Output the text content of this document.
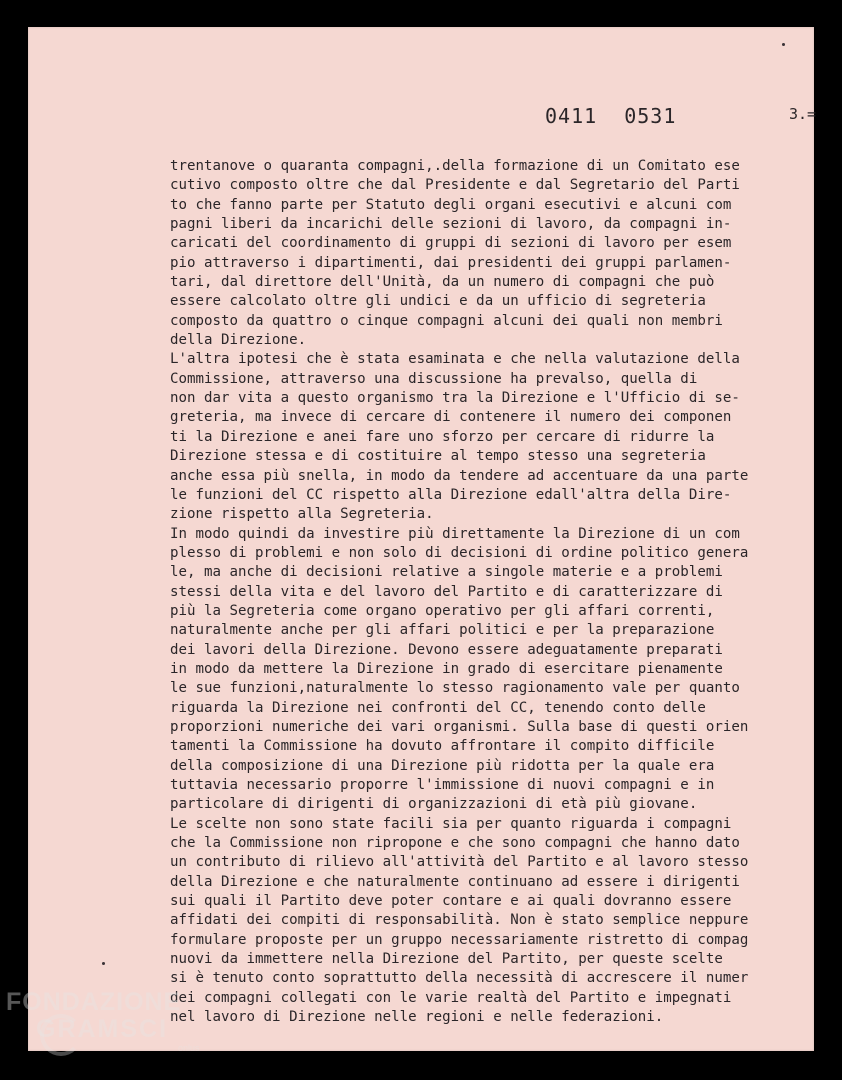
0411 0531	3.=
trentanove o quaranta compagni,.della formazione di un Comitato ese
cutivo composto oltre che dal Presidente e dal Segretario del Parti
to che fanno parte per Statuto degli organi esecutivi e alcuni com
pagni liberi da incarichi delle sezioni di lavoro, da compagni in-
caricati del coordinamento di gruppi di sezioni di lavoro per esem
pio attraverso i dipartimenti, dai presidenti dei gruppi parlamen-
tari, dal direttore dell'Unità, da un numero di compagni che può
essere calcolato oltre gli undici e da un ufficio di segreteria
composto da quattro o cinque compagni alcuni dei quali non membri
della Direzione.
L'altra ipotesi che è stata esaminata e che nella valutazione della
Commissione, attraverso una discussione ha prevalso, quella di
non dar vita a questo organismo tra la Direzione e l'Ufficio di se-
greteria, ma invece di cercare di contenere il numero dei componen
ti la Direzione e anei fare uno sforzo per cercare di ridurre la
Direzione stessa e di costituire al tempo stesso una segreteria
anche essa più snella, in modo da tendere ad accentuare da una parte
le funzioni del CC rispetto alla Direzione edall'altra della Dire-
zione rispetto alla Segreteria.
In modo quindi da investire più direttamente la Direzione di un com
plesso di problemi e non solo di decisioni di ordine politico genera
le, ma anche di decisioni relative a singole materie e a problemi
stessi della vita e del lavoro del Partito e di caratterizzare di
più la Segreteria come organo operativo per gli affari correnti,
naturalmente anche per gli affari politici e per la preparazione
dei lavori della Direzione. Devono essere adeguatamente preparati
in modo da mettere la Direzione in grado di esercitare pienamente
le sue funzioni,naturalmente lo stesso ragionamento vale per quanto
riguarda la Direzione nei confronti del CC, tenendo conto delle
proporzioni numeriche dei vari organismi. Sulla base di questi orien
tamenti la Commissione ha dovuto affrontare il compito difficile
della composizione di una Direzione più ridotta per la quale era
tuttavia necessario proporre l'immissione di nuovi compagni e in
particolare di dirigenti di organizzazioni di età più giovane.
Le scelte non sono state facili sia per quanto riguarda i compagni
che la Commissione non ripropone e che sono compagni che hanno dato
un contributo di rilievo all'attività del Partito e al lavoro stesso
della Direzione e che naturalmente continuano ad essere i dirigenti
sui quali il Partito deve poter contare e ai quali dovranno essere
affidati dei compiti di responsabilità. Non è stato semplice neppure
formulare proposte per un gruppo necessariamente ristretto di compag
nuovi da immettere nella Direzione del Partito, per queste scelte
si è tenuto conto soprattutto della necessità di accrescere il numer
dei compagni collegati con le varie realtà del Partito e impegnati
nel lavoro di Direzione nelle regioni e nelle federazioni.
FONDAZIONE
GRAMSCI
onlus
